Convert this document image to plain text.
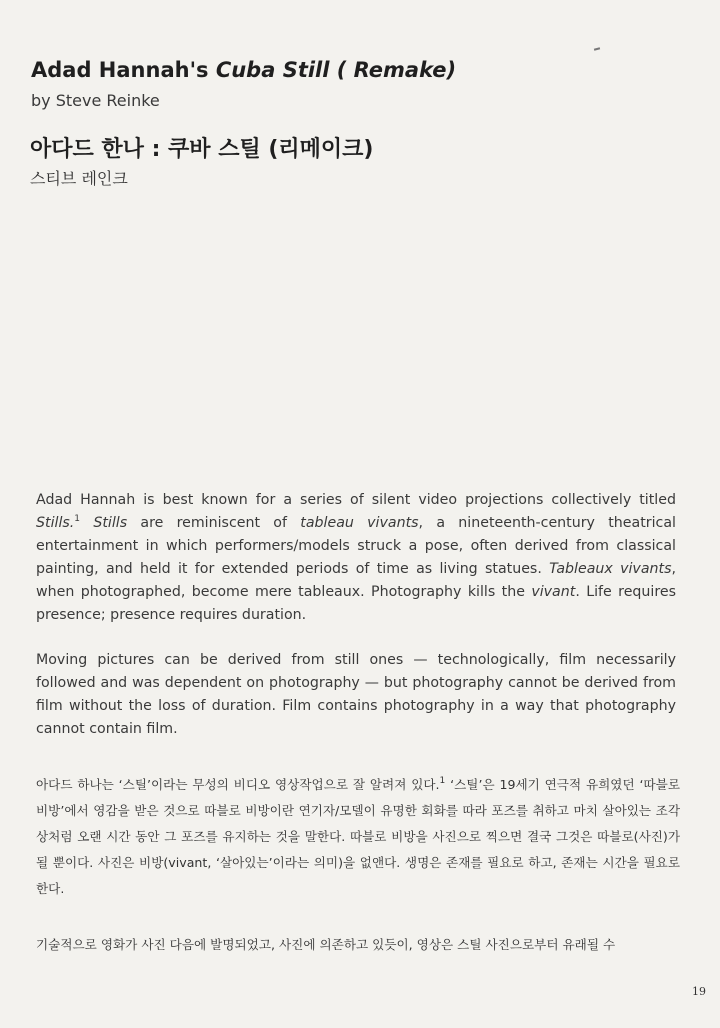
Adad Hannah's Cuba Still ( Remake)
by Steve Reinke
아다드 한나 : 쿠바 스틸 (리메이크)
스티브 레인크

Adad Hannah is best known for a series of silent video projections collectively titled Stills.$^1$ Stills are reminiscent of tableau vivants, a nineteenth-century theatrical entertainment in which performers/models struck a pose, often derived from classical painting, and held it for extended periods of time as living statues. Tableaux vivants, when photographed, become mere tableaux. Photography kills the vivant. Life requires presence; presence requires duration.

Moving pictures can be derived from still ones — technologically, film necessarily followed and was dependent on photography — but photography cannot be derived from film without the loss of duration. Film contains photography in a way that photography cannot contain film.

아다드 하나는 ‘스틸’이라는 무성의 비디오 영상작업으로 잘 알려져 있다.$^1$ ‘스틸’은 19세기 연극적 유희였던 ‘따블로 비방’에서 영감을 받은 것으로 따블로 비방이란 연기자/모델이 유명한 회화를 따라 포즈를 취하고 마치 살아있는 조각상처럼 오랜 시간 동안 그 포즈를 유지하는 것을 말한다. 따블로 비방을 사진으로 찍으면 결국 그것은 따블로(사진)가 될 뿐이다. 사진은 비방(vivant, ‘살아있는’이라는 의미)을 없앤다. 생명은 존재를 필요로 하고, 존재는 시간을 필요로 한다.

기술적으로 영화가 사진 다음에 발명되었고, 사진에 의존하고 있듯이, 영상은 스틸 사진으로부터 유래될 수

19
